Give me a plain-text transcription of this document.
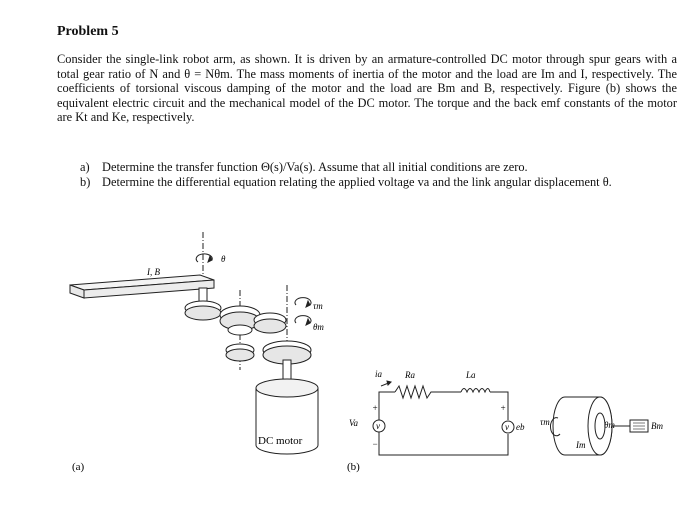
Problem 5

Consider the single-link robot arm, as shown. It is driven by an armature-controlled DC motor through spur gears with a total gear ratio of N and θ = Nθm. The mass moments of inertia of the motor and the load are Im and I, respectively. The coefficients of torsional viscous damping of the motor and the load are Bm and B, respectively. Figure (b) shows the equivalent electric circuit and the mechanical model of the DC motor. The torque and the back emf constants of the motor are Kt and Ke, respectively.

a) Determine the transfer function Θ(s)/Va(s). Assume that all initial conditions are zero.
b) Determine the differential equation relating the applied voltage va and the link angular displacement θ.
I, B
θ
τm
θm
DC motor
(a)
ia	Ra	La
Va v
+
−
v
+
eb τm
Im
θm	Bm
(b)
